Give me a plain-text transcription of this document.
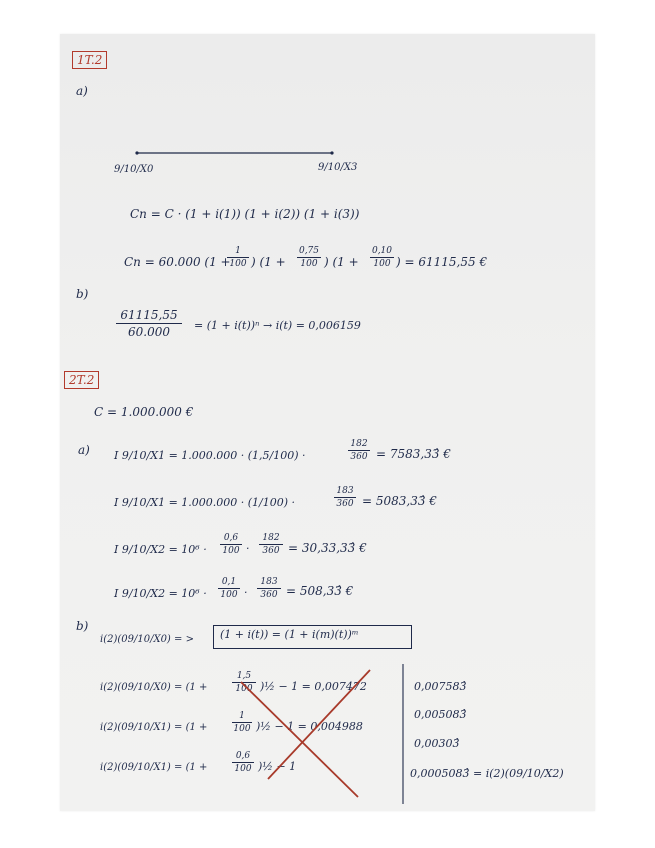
1T.2
a)
9/10/X0	9/10/X3
Cn = C · (1 + i(1)) (1 + i(2)) (1 + i(3))
Cn = 60.000 (1 +
1
100 ) (1 +
0,75
100 ) (1 +
0,10
100 ) = 61115,55 €
b)
61115,55
60.000	= (1 + i(t))ⁿ → i(t) = 0,006159
2T.2
C = 1.000.000 €
a) I 9/10/X1 = 1.000.000 · (1,5/100) ·
182
360 = 7583,33̂ €
I 9/10/X1 = 1.000.000 · (1/100) ·
183
360 = 5083,33̂ €
I 9/10/X2 = 10⁶ ·
0,6
100 ·
182
360 = 30,33,33̂ €
I 9/10/X2 = 10⁶ ·
0,1
100 ·
183
360 = 508,33̂ €
b)
i(2)(09/10/X0) = > (1 + i(t)) = (1 + i(m)(t))ᵐ
i(2)(09/10/X0) = (1 +
1,5
100 )½ − 1 = 0,007472
i(2)(09/10/X1) = (1 +
1
100 )½ − 1 = 0,004988
i(2)(09/10/X1) = (1 +
0,6
100 )½ − 1
0,007583̂
0,005083̂
0,00303̂
0,0005083̂ = i(2)(09/10/X2)
